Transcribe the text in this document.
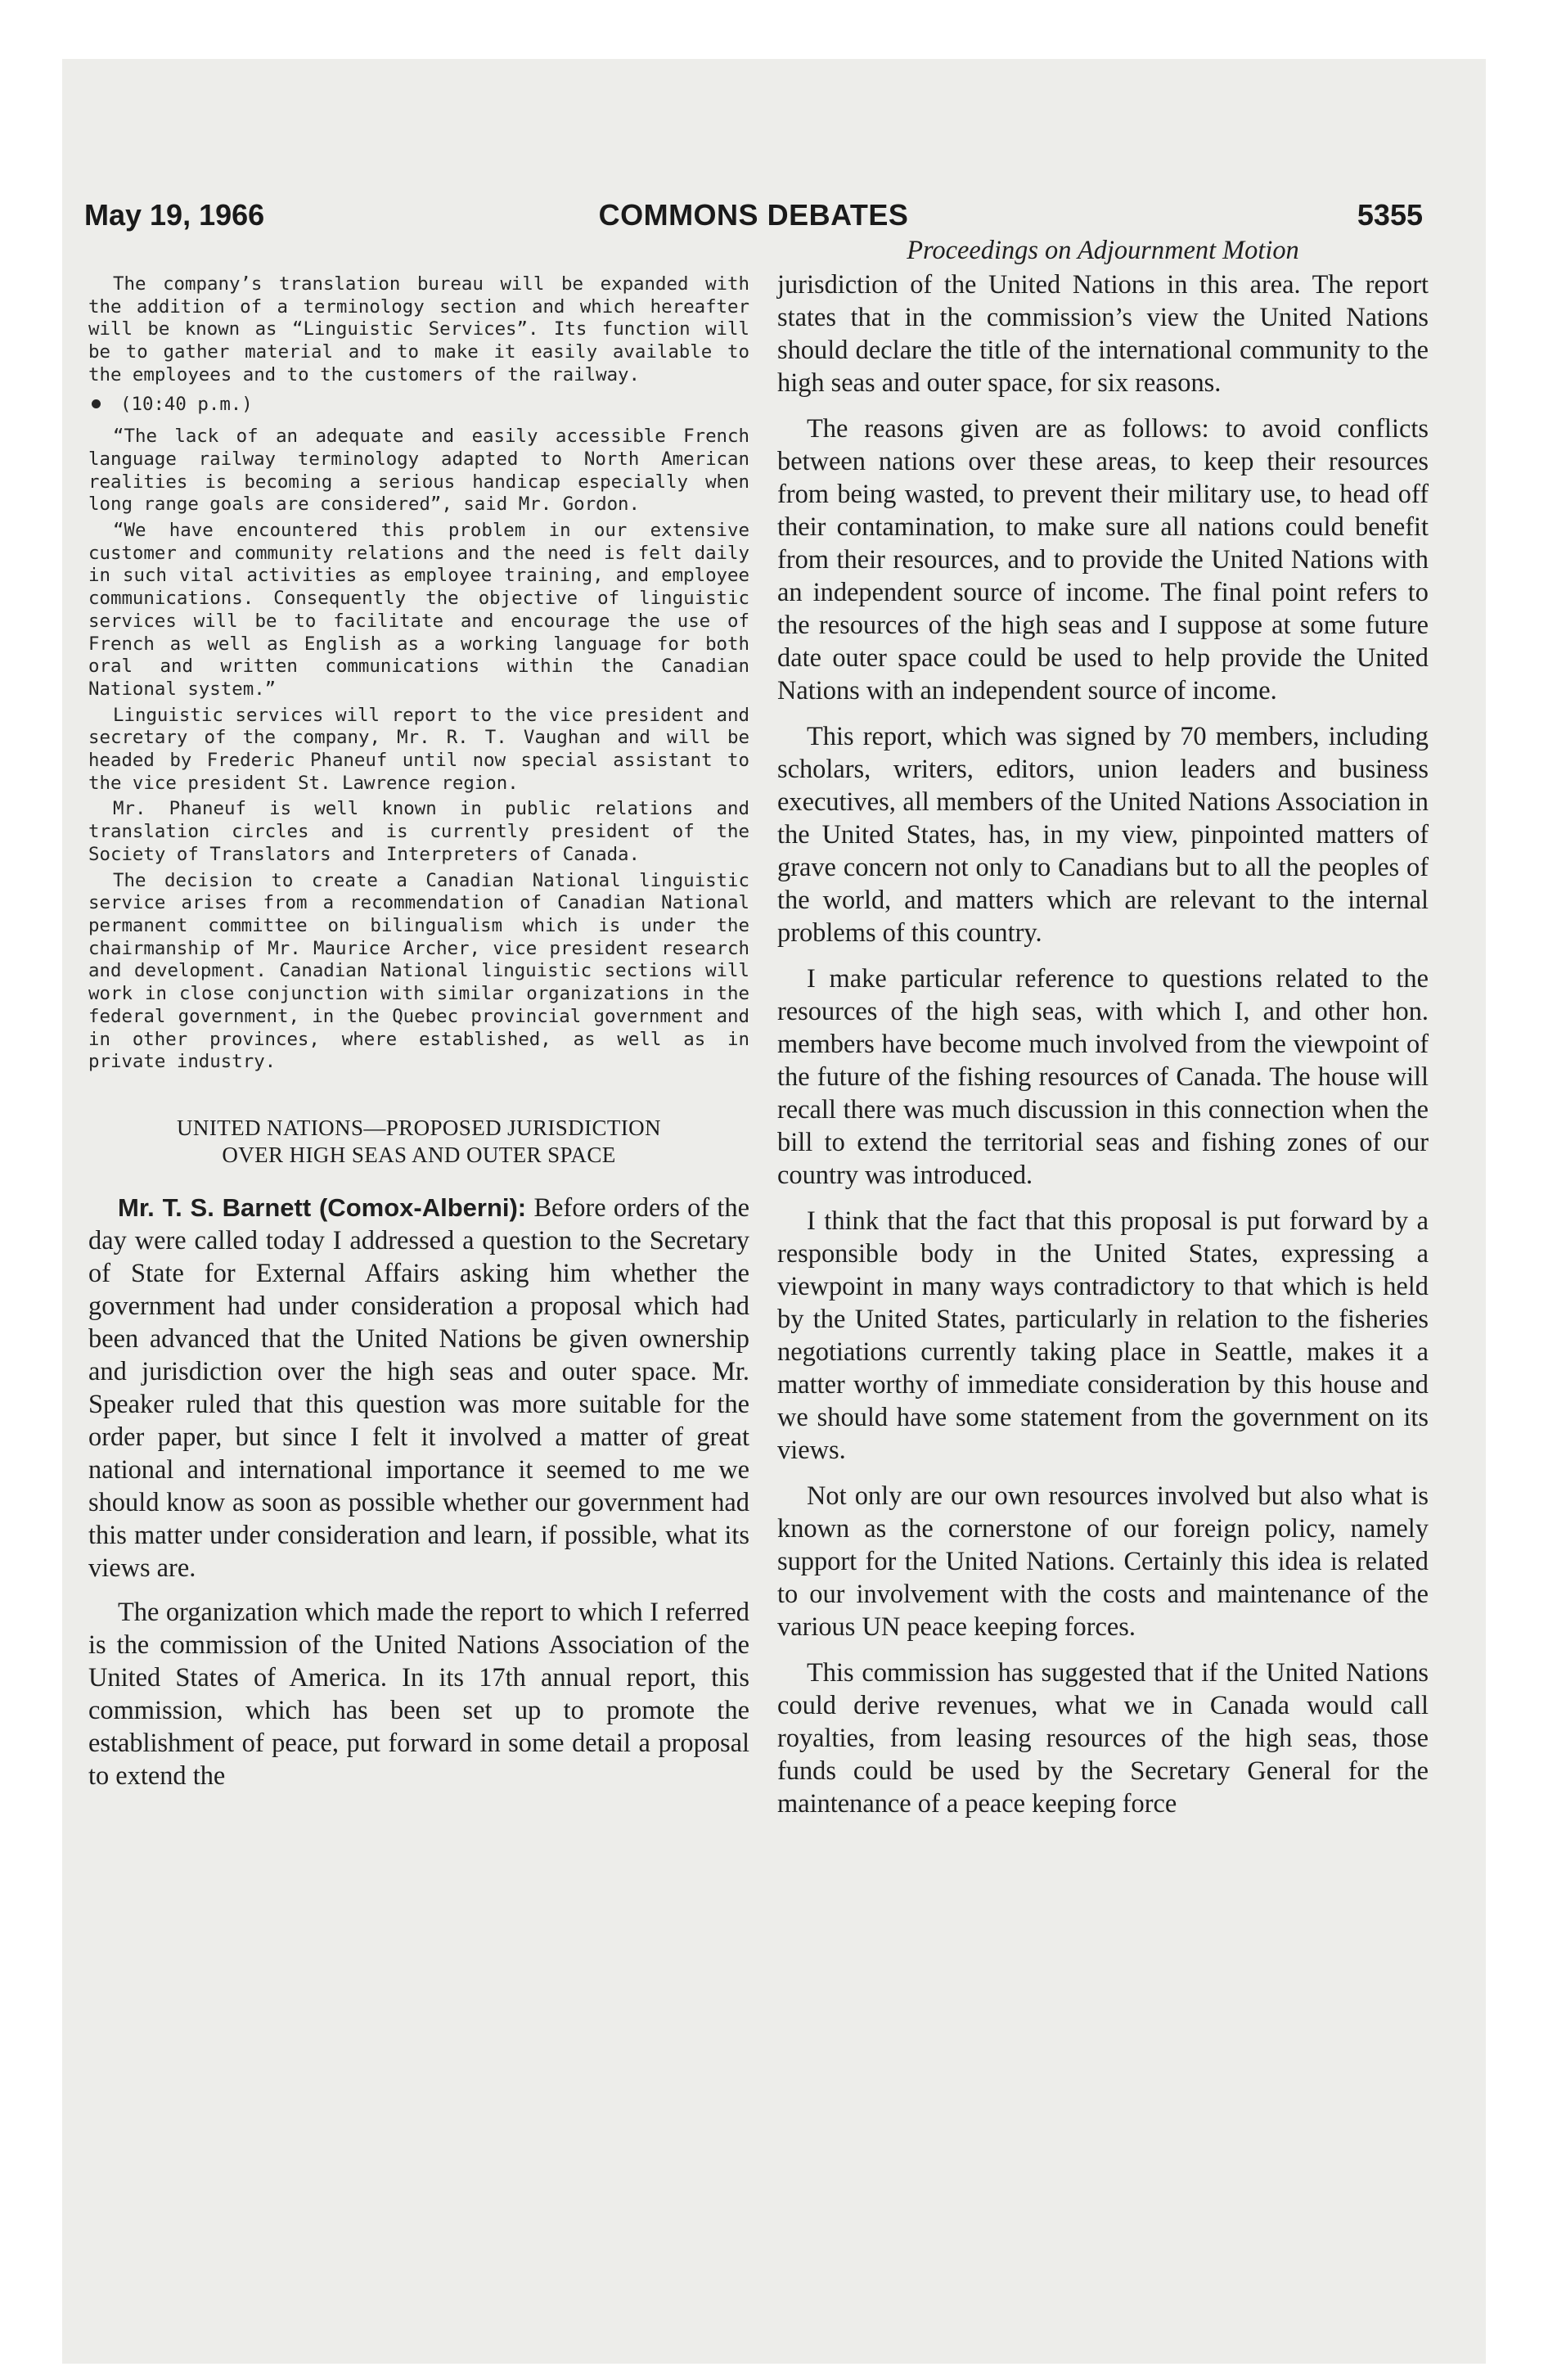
May 19, 1966	COMMONS DEBATES	5355

The company’s translation bureau will be expanded with the addition of a terminology section and which hereafter will be known as “Linguistic Services”. Its function will be to gather material and to make it easily available to the employees and to the customers of the railway.

(10:40 p.m.)

“The lack of an adequate and easily accessible French language railway terminology adapted to North American realities is becoming a serious handicap especially when long range goals are considered”, said Mr. Gordon.

“We have encountered this problem in our extensive customer and community relations and the need is felt daily in such vital activities as employee training, and employee communications. Consequently the objective of linguistic services will be to facilitate and encourage the use of French as well as English as a working language for both oral and written communications within the Canadian National system.”

Linguistic services will report to the vice president and secretary of the company, Mr. R. T. Vaughan and will be headed by Frederic Phaneuf until now special assistant to the vice president St. Lawrence region.

Mr. Phaneuf is well known in public relations and translation circles and is currently president of the Society of Translators and Interpreters of Canada.

The decision to create a Canadian National linguistic service arises from a recommendation of Canadian National permanent committee on bilingualism which is under the chairmanship of Mr. Maurice Archer, vice president research and development. Canadian National linguistic sections will work in close conjunction with similar organizations in the federal government, in the Quebec provincial government and in other provinces, where established, as well as in private industry.

UNITED NATIONS—PROPOSED JURISDICTION
OVER HIGH SEAS AND OUTER SPACE

Mr. T. S. Barnett (Comox-Alberni): Before orders of the day were called today I addressed a question to the Secretary of State for External Affairs asking him whether the government had under consideration a proposal which had been advanced that the United Nations be given ownership and jurisdiction over the high seas and outer space. Mr. Speaker ruled that this question was more suitable for the order paper, but since I felt it involved a matter of great national and international importance it seemed to me we should know as soon as possible whether our government had this matter under consideration and learn, if possible, what its views are.

The organization which made the report to which I referred is the commission of the United Nations Association of the United States of America. In its 17th annual report, this commission, which has been set up to promote the establishment of peace, put forward in some detail a proposal to extend the

Proceedings on Adjournment Motion

jurisdiction of the United Nations in this area. The report states that in the commission’s view the United Nations should declare the title of the international community to the high seas and outer space, for six reasons.

The reasons given are as follows: to avoid conflicts between nations over these areas, to keep their resources from being wasted, to prevent their military use, to head off their contamination, to make sure all nations could benefit from their resources, and to provide the United Nations with an independent source of income. The final point refers to the resources of the high seas and I suppose at some future date outer space could be used to help provide the United Nations with an independent source of income.

This report, which was signed by 70 members, including scholars, writers, editors, union leaders and business executives, all members of the United Nations Association in the United States, has, in my view, pinpointed matters of grave concern not only to Canadians but to all the peoples of the world, and matters which are relevant to the internal problems of this country.

I make particular reference to questions related to the resources of the high seas, with which I, and other hon. members have become much involved from the viewpoint of the future of the fishing resources of Canada. The house will recall there was much discussion in this connection when the bill to extend the territorial seas and fishing zones of our country was introduced.

I think that the fact that this proposal is put forward by a responsible body in the United States, expressing a viewpoint in many ways contradictory to that which is held by the United States, particularly in relation to the fisheries negotiations currently taking place in Seattle, makes it a matter worthy of immediate consideration by this house and we should have some statement from the government on its views.

Not only are our own resources involved but also what is known as the cornerstone of our foreign policy, namely support for the United Nations. Certainly this idea is related to our involvement with the costs and maintenance of the various UN peace keeping forces.

This commission has suggested that if the United Nations could derive revenues, what we in Canada would call royalties, from leasing resources of the high seas, those funds could be used by the Secretary General for the maintenance of a peace keeping force
